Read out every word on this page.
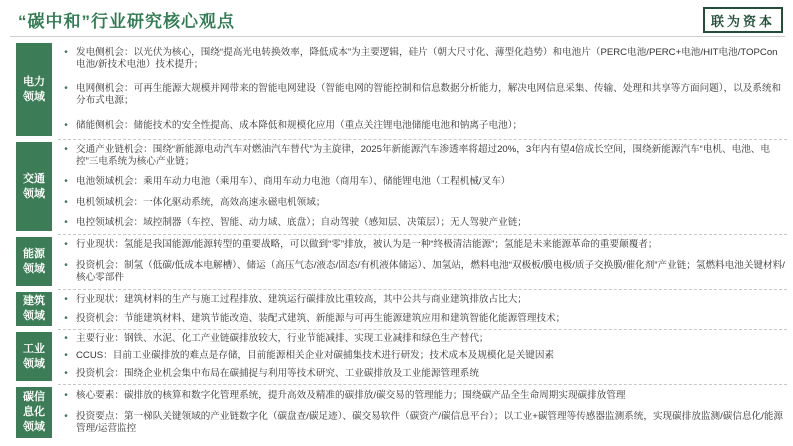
“碳中和”行业研究核心观点	联为资本
电力领域
• 发电侧机会：以光伏为核心，围绕“提高光电转换效率，降低成本”为主要逻辑，硅片（朝大尺寸化、薄型化趋势）和电池片（PERC电池/PERC+电池/HIT电池/TOPCon电池/新技术电池）技术提升；
• 电网侧机会：可再生能源大规模并网带来的智能电网建设（智能电网的智能控制和信息数据分析能力，解决电网信息采集、传输、处理和共享等方面问题），以及系统和分布式电源；
• 储能侧机会：储能技术的安全性提高、成本降低和规模化应用（重点关注锂电池储能电池和钠离子电池）；
交通领域
• 交通产业链机会：围绕“新能源电动汽车对燃油汽车替代”为主旋律，2025年新能源汽车渗透率将超过20%，3年内有望4倍成长空间，围绕新能源汽车“电机、电池、电控”三电系统为核心产业链；
• 电池领域机会：乘用车动力电池（乘用车）、商用车动力电池（商用车）、储能锂电池（工程机械/叉车）
• 电机领域机会：一体化驱动系统，高效高速永磁电机领域；
• 电控领域机会：域控制器（车控、智能、动力域、底盘）；自动驾驶（感知层、决策层）；无人驾驶产业链；
能源领域
• 行业现状：氢能是我国能源/能源转型的重要战略，可以做到“零”排放，被认为是一种“终极清洁能源”；氢能是未来能源革命的重要颠覆者；
• 投资机会：制氢（低碳/低成本电解槽）、储运（高压气态/液态/固态/有机液体储运）、加氢站，燃料电池“双极板/膜电极/质子交换膜/催化剂”产业链；氢燃料电池关键材料/核心零部件
建筑领域
• 行业现状：建筑材料的生产与施工过程排放、建筑运行碳排放比重较高，其中公共与商业建筑排放占比大；
• 投资机会：节能建筑材料、建筑节能改造、装配式建筑、新能源与可再生能源建筑应用和建筑智能化能源管理技术；
工业领域
• 主要行业：钢铁、水泥、化工产业链碳排放较大，行业节能减排、实现工业减排和绿色生产替代；
• CCUS：目前工业碳排放的难点是存储，目前能源相关企业对碳捕集技术进行研发；技术成本及规模化是关键因素
• 投资机会：围绕企业机会集中布局在碳捕捉与利用等技术研究、工业碳排放及工业能源管理系统
碳信息化领域
• 核心要素：碳排放的核算和数字化管理系统，提升高效及精准的碳排放/碳交易的管理能力；围绕碳产品全生命周期实现碳排放管理
• 投资要点：第一梯队关键领域的产业链数字化（碳盘查/碳足迹）、碳交易软件（碳资产/碳信息平台）；以工业+碳管理等传感器监测系统，实现碳排放监测/碳信息化/能源管理/运营监控
